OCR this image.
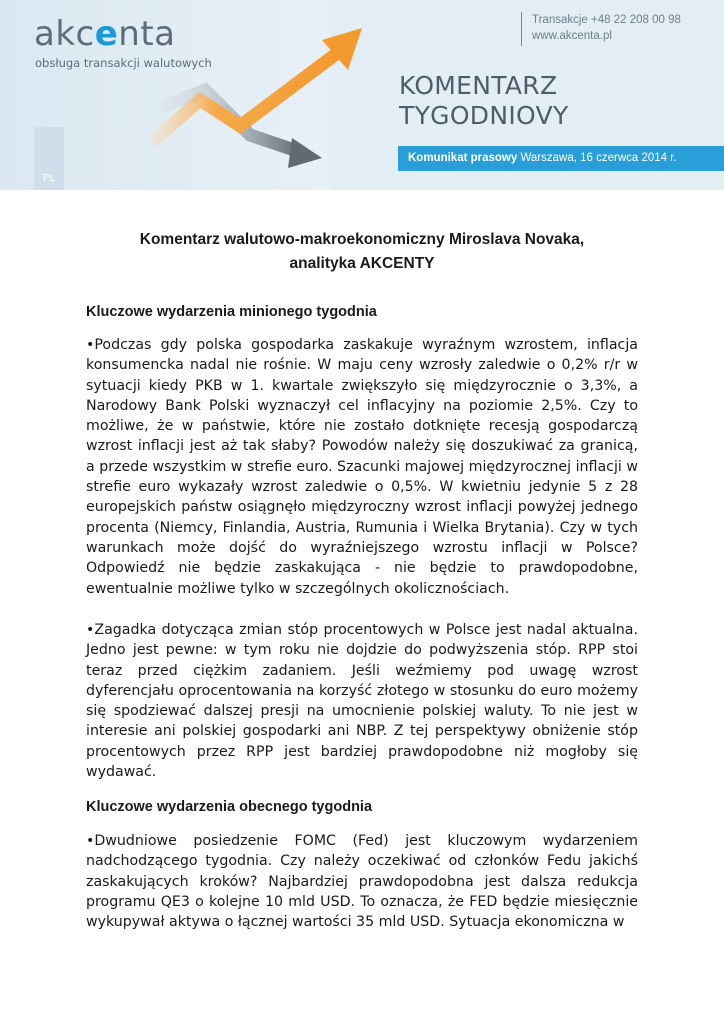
akcenta
obsługa transakcji walutowych
Transakcje +48 22 208 00 98
www.akcenta.pl
KOMENTARZ
TYGODNIOVY
Komunikat prasowy Warszawa, 16 czerwca 2014 r.
PL
Komentarz walutowo-makroekonomiczny Miroslava Novaka,
analityka AKCENTY
Kluczowe wydarzenia minionego tygodnia
•Podczas gdy polska gospodarka zaskakuje wyraźnym wzrostem, inflacja konsumencka nadal nie rośnie. W maju ceny wzrosły zaledwie o 0,2% r/r w sytuacji kiedy PKB w 1. kwartale zwiększyło się międzyrocznie o 3,3%, a Narodowy Bank Polski wyznaczył cel inflacyjny na poziomie 2,5%. Czy to możliwe, że w państwie, które nie zostało dotknięte recesją gospodarczą wzrost inflacji jest aż tak słaby? Powodów należy się doszukiwać za granicą, a przede wszystkim w strefie euro. Szacunki majowej międzyrocznej inflacji w strefie euro wykazały wzrost zaledwie o 0,5%. W kwietniu jedynie 5 z 28 europejskich państw osiągnęło międzyroczny wzrost inflacji powyżej jednego procenta (Niemcy, Finlandia, Austria, Rumunia i Wielka Brytania). Czy w tych warunkach może dojść do wyraźniejszego wzrostu inflacji w Polsce? Odpowiedź nie będzie zaskakująca - nie będzie to prawdopodobne, ewentualnie możliwe tylko w szczególnych okolicznościach.
•Zagadka dotycząca zmian stóp procentowych w Polsce jest nadal aktualna. Jedno jest pewne: w tym roku nie dojdzie do podwyższenia stóp. RPP stoi teraz przed ciężkim zadaniem. Jeśli weźmiemy pod uwagę wzrost dyferencjału oprocentowania na korzyść złotego w stosunku do euro możemy się spodziewać dalszej presji na umocnienie polskiej waluty. To nie jest w interesie ani polskiej gospodarki ani NBP. Z tej perspektywy obniżenie stóp procentowych przez RPP jest bardziej prawdopodobne niż mogłoby się wydawać.
Kluczowe wydarzenia obecnego tygodnia
•Dwudniowe posiedzenie FOMC (Fed) jest kluczowym wydarzeniem nadchodzącego tygodnia. Czy należy oczekiwać od członków Fedu jakichś zaskakujących kroków? Najbardziej prawdopodobna jest dalsza redukcja programu QE3 o kolejne 10 mld USD. To oznacza, że FED będzie miesięcznie wykupywał aktywa o łącznej wartości 35 mld USD. Sytuacja ekonomiczna w
